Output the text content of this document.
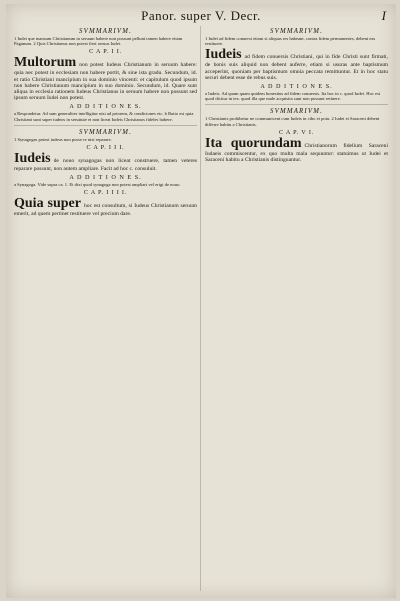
Panor. super V. Decr.	I
SVMMARIVM.
1 Iudei que mansum Christianum in seruum habere non possunt pellunt tamen habere etiam Paganum. 2 Quis Christianus non potest fieri seruus Iudei.
C A P. I I.
Multorum non potest Iudeus Christianum in seruum habere: quia nec potest in ecclesiam non habere portit, & sine ista gradu. Secundum, id. et ratio Christiani mancipium in sua dominio vincenti: et capitulum quod ipsum non habere Christianum mancipium in suo dominio. Secundum, id. Quare sunt aliqua in ecclesia rationem Iudeus Christianus in seruum habere non possunt sed ipsum seruum Iudei non potest.
A D D I T I O N E S.
a Respondetur. Ad sum generaliter intelligitur nisi ad priorem, & condiciones etc. b Ratio est quia Christiani sunt super iudeos in seruitute et non liceat Iudeis Christianos fideles habere.
SVMMARIVM.
1 Synagogas potest iudeus non posse re nisi reparare.
C A P. I I I.
Iudeis de nouo synagogas non liceat construere, tamen veteres reparare possunt, non autem ampliare. Facit ad hoc c. consuluit.
A D D I T I O N E S.
a Synagoga. Vide supra ca. 1. Et dixi quod synagoga non potest ampliari vel erigi de nouo.
C A P. I I I I.
Quia super hoc est consultum, si Iudeus Christianum seruum emerit, ad quem pertinet restituere vel precium dare.
SVMMARIVM.
1 Iudei ad fidem conuersi etiam si aliquas res habeant, contra fidem permanentes, debent eas restituere.
Iudeis ad fidem conuersis Christiani, qui in fide Christi sunt firmati, de bonis suis aliquid non debent auferre, etiam si usuras ante baptismum acceperint, quoniam per baptismum omnia peccata remittuntur. Et in hoc statu securi debent esse de rebus suis.
A D D I T I O N E S.
a Iudeis. Ad quam quam quidem honestius ad fidem conuersis. Ita hoc in c. quod Iudei. Hoc est quod dicitur in tex. quod illa que male acquisita sunt non possunt retinere.
SVMMARIVM.
1 Christianis prohibetur ne communicent cum Iudeis in cibo et potu. 2 Iudei et Saraceni debent differre habitu a Christianis.
C A P. V I.
Ita quorundam Christianorum fidelium Saraceni Iudaeis commiscentur, ex quo multa mala sequuntur: statuimus ut Iudei et Saraceni habitu a Christianis distinguantur.
